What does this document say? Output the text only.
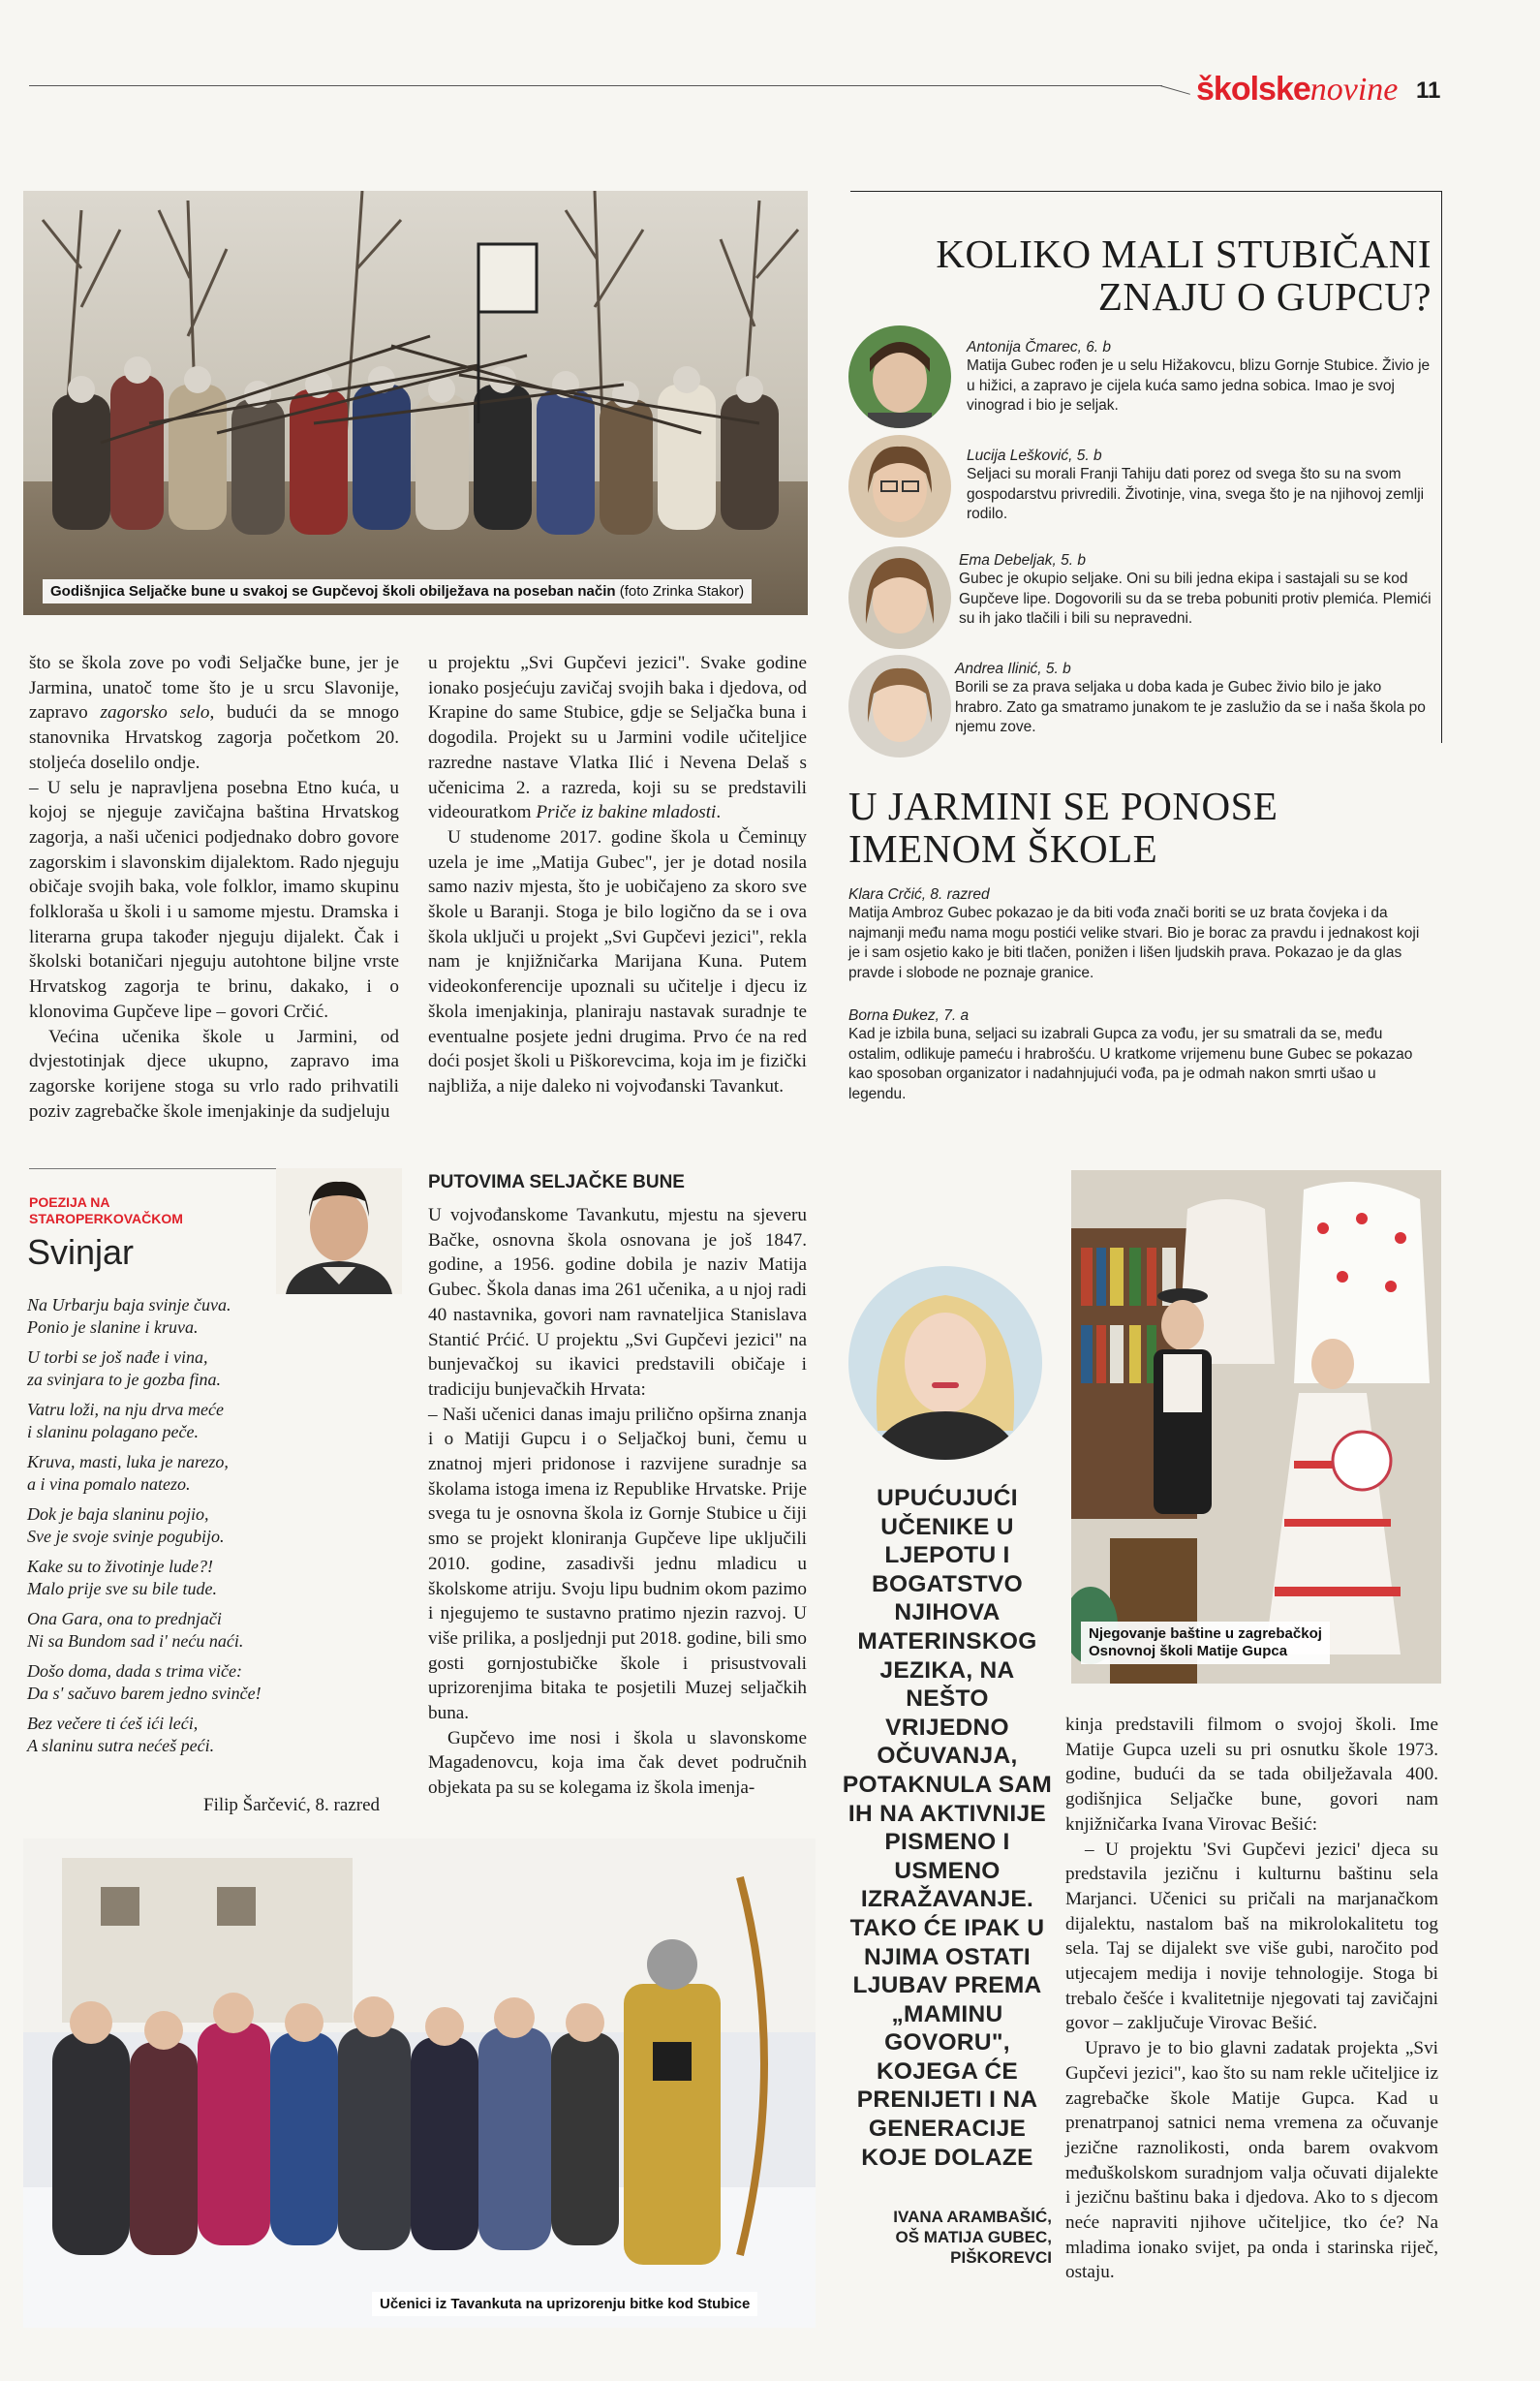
školskenovine 11
Godišnjica Seljačke bune u svakoj se Gupčevoj školi obilježava na poseban način (foto Zrinka Stakor)

što se škola zove po vođi Seljačke bune, jer je Jarmina, unatoč tome što je u srcu Slavonije, zapravo zagorsko selo, budući da se mnogo stanovnika Hrvatskog zagorja početkom 20. stoljeća doselilo ondje.

– U selu je napravljena posebna Etno kuća, u kojoj se njeguje zavičajna baština Hrvatskog zagorja, a naši učenici podjednako dobro govore zagorskim i slavonskim dijalektom. Rado njeguju običaje svojih baka, vole folklor, imamo skupinu folkloraša u školi i u samome mjestu. Dramska i literarna grupa također njeguju dijalekt. Čak i školski botaničari njeguju autohtone biljne vrste Hrvatskog zagorja te brinu, dakako, i o klonovima Gupčeve lipe – govori Crčić.

Većina učenika škole u Jarmini, od dvjestotinjak djece ukupno, zapravo ima zagorske korijene stoga su vrlo rado prihvatili poziv zagrebačke škole imenjakinje da sudjeluju

u projektu „Svi Gupčevi jezici". Svake godine ionako posjećuju zavičaj svojih baka i djedova, od Krapine do same Stubice, gdje se Seljačka buna i dogodila. Projekt su u Jarmini vodile učiteljice razredne nastave Vlatka Ilić i Nevena Delaš s učenicima 2. a razreda, koji su se predstavili videouratkom Priče iz bakine mladosti.

U studenome 2017. godine škola u Čeminцу uzela je ime „Matija Gubec", jer je dotad nosila samo naziv mjesta, što je uobičajeno za skoro sve škole u Baranji. Stoga je bilo logično da se i ova škola uključi u projekt „Svi Gupčevi jezici", rekla nam je knjižničarka Marijana Kuna. Putem videokonferencije upoznali su učitelje i djecu iz škola imenjakinja, planiraju nastavak suradnje te eventualne posjete jedni drugima. Prvo će na red doći posjet školi u Piškorevcima, koja im je fizički najbliža, a nije daleko ni vojvođanski Tavankut.

PUTOVIMA SELJAČKE BUNE

U vojvođanskome Tavankutu, mjestu na sjeveru Bačke, osnovna škola osnovana je još 1847. godine, a 1956. godine dobila je naziv Matija Gubec. Škola danas ima 261 učenika, a u njoj radi 40 nastavnika, govori nam ravnateljica Stanislava Stantić Prćić. U projektu „Svi Gupčevi jezici" na bunjevačkoj su ikavici predstavili običaje i tradiciju bunjevačkih Hrvata:

– Naši učenici danas imaju prilično opširna znanja i o Matiji Gupcu i o Seljačkoj buni, čemu u znatnoj mjeri pridonose i razvijene suradnje sa školama istoga imena iz Republike Hrvatske. Prije svega tu je osnovna škola iz Gornje Stubice u čiji smo se projekt kloniranja Gupčeve lipe uključili 2010. godine, zasadivši jednu mladicu u školskome atriju. Svoju lipu budnim okom pazimo i njegujemo te sustavno pratimo njezin razvoj. U više prilika, a posljednji put 2018. godine, bili smo gosti gornjostubičke škole i prisustvovali uprizorenjima bitaka te posjetili Muzej seljačkih buna.

Gupčevo ime nosi i škola u slavonskome Magadenovcu, koja ima čak devet područnih objekata pa su se kolegama iz škola imenja-

KOLIKO MALI STUBIČANI
ZNAJU O GUPCU?
Antonija Čmarec, 6. b
Matija Gubec rođen je u selu Hižakovcu, blizu Gornje Stubice. Živio je u hižici, a zapravo je cijela kuća samo jedna sobica. Imao je svoj vinograd i bio je seljak.
Lucija Lešković, 5. b
Seljaci su morali Franji Tahiju dati porez od svega što su na svom gospodarstvu privredili. Životinje, vina, svega što je na njihovoj zemlji rodilo.
Ema Debeljak, 5. b
Gubec je okupio seljake. Oni su bili jedna ekipa i sastajali su se kod Gupčeve lipe. Dogovorili su da se treba pobuniti protiv plemića. Plemići su ih jako tlačili i bili su nepravedni.
Andrea Ilinić, 5. b
Borili se za prava seljaka u doba kada je Gubec živio bilo je jako hrabro. Zato ga smatramo junakom te je zaslužio da se i naša škola po njemu zove.
U JARMINI SE PONOSE
IMENOM ŠKOLE
Klara Crčić, 8. razred
Matija Ambroz Gubec pokazao je da biti vođa znači boriti se uz brata čovjeka i da najmanji među nama mogu postići velike stvari. Bio je borac za pravdu i jednakost koji je i sam osjetio kako je biti tlačen, ponižen i lišen ljudskih prava. Pokazao je da glas pravde i slobode ne poznaje granice.
Borna Đukez, 7. a
Kad je izbila buna, seljaci su izabrali Gupca za vođu, jer su smatrali da se, među ostalim, odlikuje pameću i hrabrošću. U kratkome vrijemenu bune Gubec se pokazao kao sposoban organizator i nadahnjujući vođa, pa je odmah nakon smrti ušao u legendu.
POEZIJA NA
STAROPERKOVAČKOM
Svinjar
Na Urbarju baja svinje čuva.
Ponio je slanine i kruva.
U torbi se još nađe i vina,
za svinjara to je gozba fina.
Vatru loži, na nju drva meće
i slaninu polagano peče.
Kruva, masti, luka je narezo,
a i vina pomalo natezo.
Dok je baja slaninu pojio,
Sve je svoje svinje pogubijo.
Kake su to životinje lude?!
Malo prije sve su bile tude.
Ona Gara, ona to prednjači
Ni sa Bundom sad i' neću naći.
Došo doma, dada s trima viče:
Da s' sačuvo barem jedno svinče!
Bez večere ti ćeš ići leći,
A slaninu sutra nećeš peći.
Filip Šarčević, 8. razred
Učenici iz Tavankuta na uprizorenju bitke kod Stubice
UPUĆUJUĆI UČENIKE U LJEPOTU I BOGATSTVO NJIHOVA MATERINSKOG JEZIKA, NA NEŠTO VRIJEDNO OČUVANJA, POTAKNULA SAM IH NA AKTIVNIJE PISMENO I USMENO IZRAŽAVANJE. TAKO ĆE IPAK U NJIMA OSTATI LJUBAV PREMA „MAMINU GOVORU", KOJEGA ĆE PRENIJETI I NA GENERACIJE KOJE DOLAZE
IVANA ARAMBAŠIĆ,
OŠ MATIJA GUBEC,
PIŠKOREVCI
Njegovanje baštine u zagrebačkoj
Osnovnoj školi Matije Gupca

kinja predstavili filmom o svojoj školi. Ime Matije Gupca uzeli su pri osnutku škole 1973. godine, budući da se tada obilježavala 400. godišnjica Seljačke bune, govori nam knjižničarka Ivana Virovac Bešić:

– U projektu 'Svi Gupčevi jezici' djeca su predstavila jezičnu i kulturnu baštinu sela Marjanci. Učenici su pričali na marjanačkom dijalektu, nastalom baš na mikrolokalitetu tog sela. Taj se dijalekt sve više gubi, naročito pod utjecajem medija i novije tehnologije. Stoga bi trebalo češće i kvalitetnije njegovati taj zavičajni govor – zaključuje Virovac Bešić.

Upravo je to bio glavni zadatak projekta „Svi Gupčevi jezici", kao što su nam rekle učiteljice iz zagrebačke škole Matije Gupca. Kad u prenatrpanoj satnici nema vremena za očuvanje jezične raznolikosti, onda barem ovakvom međuškolskom suradnjom valja očuvati dijalekte i jezičnu baštinu baka i djedova. Ako to s djecom neće napraviti njihove učiteljice, tko će? Na mladima ionako svijet, pa onda i starinska riječ, ostaju.
